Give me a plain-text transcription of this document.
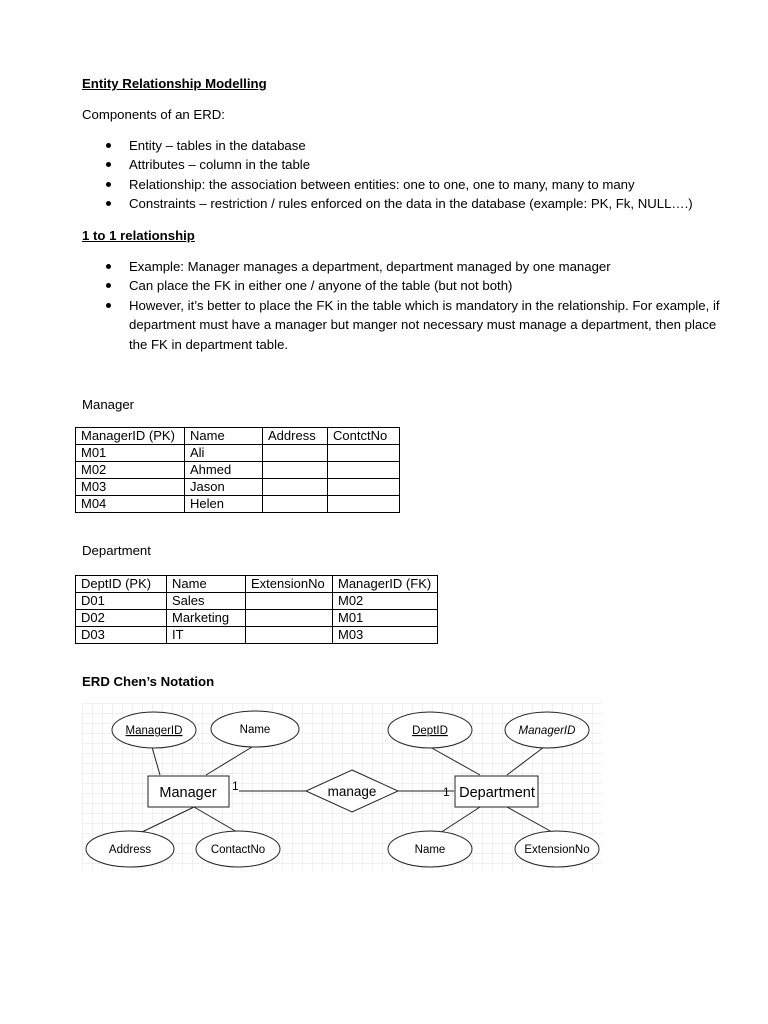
Entity Relationship Modelling
Components of an ERD:
Entity – tables in the database
Attributes – column in the table
Relationship: the association between entities: one to one, one to many, many to many
Constraints – restriction / rules enforced on the data in the database (example: PK, Fk, NULL….)
1 to 1 relationship
Example: Manager manages a department, department managed by one manager
Can place the FK in either one / anyone of the table (but not both)
However, it’s better to place the FK in the table which is mandatory in the relationship. For example, if department must have a manager but manger not necessary must manage a department, then place the FK in department table.
Manager
ManagerID (PK)	Name	Address	ContctNo
M01	Ali		
M02	Ahmed		
M03	Jason		
M04	Helen		
Department
DeptID (PK)	Name	ExtensionNo	ManagerID (FK)
D01	Sales		M02
D02	Marketing		M01
D03	IT		M03
ERD Chen’s Notation
ManagerID	Name
Address	ContactNo
DeptID	ManagerID
Name	ExtensionNo
Manager	Department
manage
1	1
